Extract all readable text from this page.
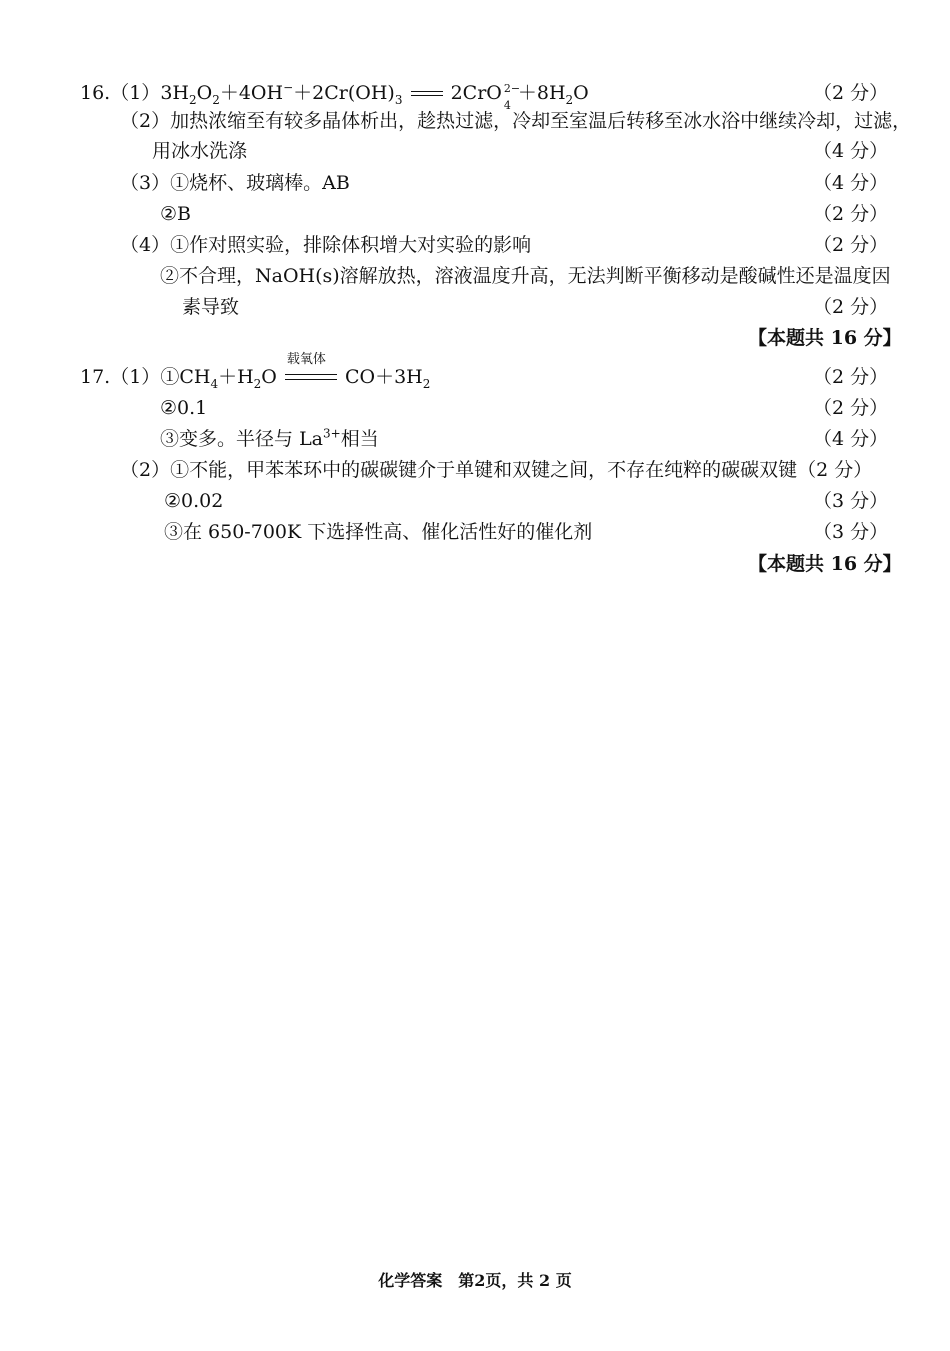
$16.(1)3H_2O_2+4OH^-+2Cr(OH)_3$
2CrO 2−
4
$+8H_2O$	（2 分）
（2）加热浓缩至有较多晶体析出，趁热过滤，冷却至室温后转移至冰水浴中继续冷却，过滤，
用冰水洗涤	（4 分）
（3）①烧杯、玻璃棒。AB	（4 分）
②B	（2 分）
（4）①作对照实验，排除体积增大对实验的影响	（2 分）
②不合理，NaOH(s)溶解放热，溶液温度升高，无法判断平衡移动是酸碱性还是温度因
素导致	（2 分）
【本题共 16 分】
$17.(1)①CH_4+H_2O$
载氧体
$CO+3H_2$	（2 分）
②0.1	（2 分）
③变多。半径与 $La^{3+}$相当	（4 分）
（2）①不能，甲苯苯环中的碳碳键介于单键和双键之间，不存在纯粹的碳碳双键（2 分）
②0.02	（3 分）
③在 650-700K 下选择性高、催化活性好的催化剂	（3 分）
【本题共 16 分】
化学答案　第2页，共 2 页
